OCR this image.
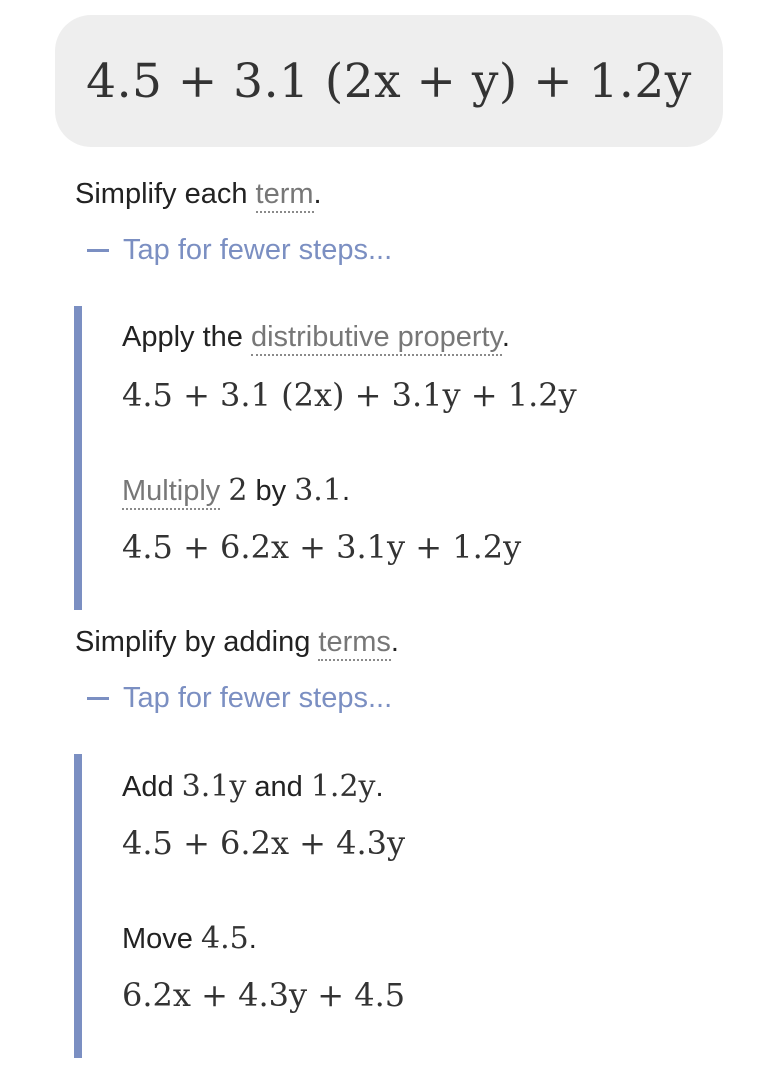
4.5 + 3.1 (2x + y) + 1.2y
Simplify each term.
Tap for fewer steps...
Apply the distributive property.
4.5 + 3.1 (2x) + 3.1y + 1.2y
Multiply 2 by 3.1.
4.5 + 6.2x + 3.1y + 1.2y
Simplify by adding terms.
Tap for fewer steps...
Add 3.1y and 1.2y.
4.5 + 6.2x + 4.3y
Move 4.5.
6.2x + 4.3y + 4.5
